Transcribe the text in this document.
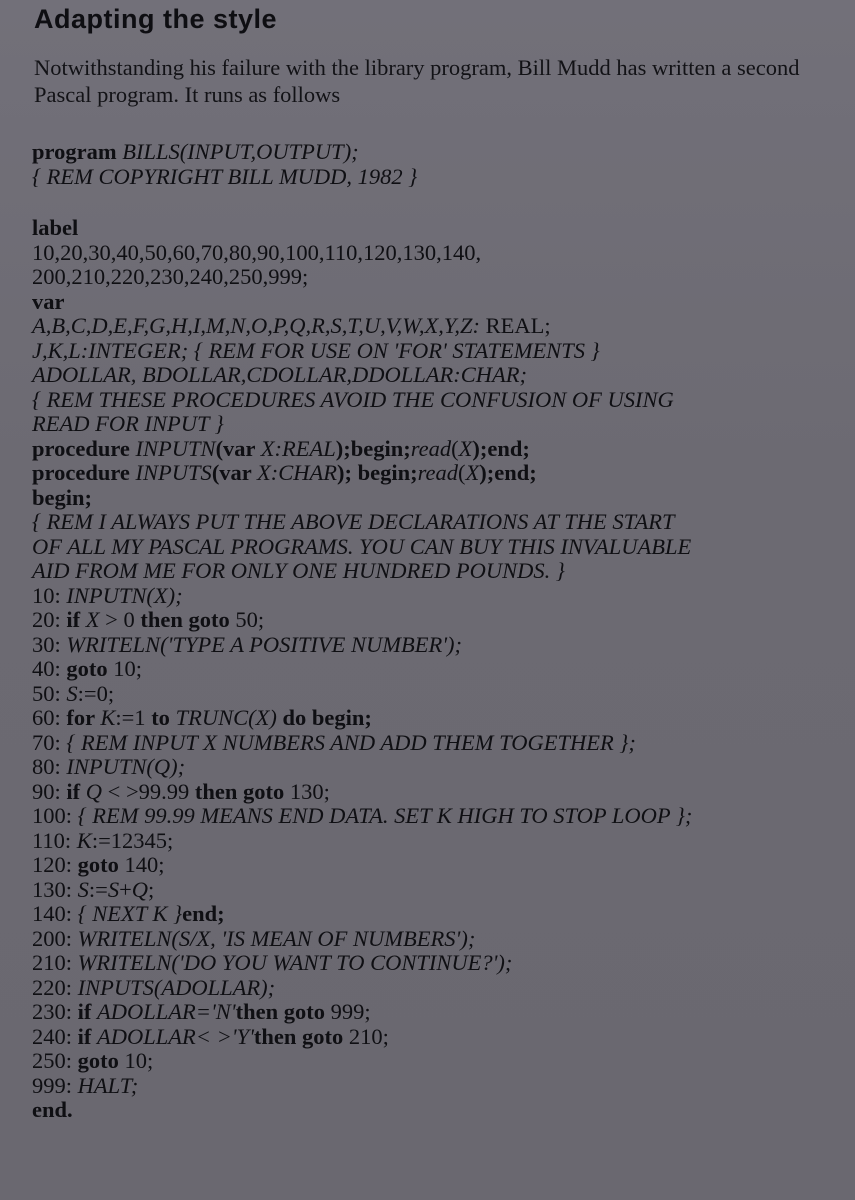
Adapting the style
Notwithstanding his failure with the library program, Bill Mudd has written a second Pascal program. It runs as follows
program BILLS(INPUT,OUTPUT);
{ REM COPYRIGHT BILL MUDD, 1982 }
label
10,20,30,40,50,60,70,80,90,100,110,120,130,140,
200,210,220,230,240,250,999;
var
A,B,C,D,E,F,G,H,I,M,N,O,P,Q,R,S,T,U,V,W,X,Y,Z: REAL;
J,K,L:INTEGER; { REM FOR USE ON 'FOR' STATEMENTS }
ADOLLAR, BDOLLAR,CDOLLAR,DDOLLAR:CHAR;
{ REM THESE PROCEDURES AVOID THE CONFUSION OF USING
READ FOR INPUT }
procedure INPUTN(var X:REAL);begin;read(X);end;
procedure INPUTS(var X:CHAR); begin;read(X);end;
begin;
{ REM I ALWAYS PUT THE ABOVE DECLARATIONS AT THE START
OF ALL MY PASCAL PROGRAMS. YOU CAN BUY THIS INVALUABLE
AID FROM ME FOR ONLY ONE HUNDRED POUNDS. }
10: INPUTN(X);
20: if X > 0 then goto 50;
30: WRITELN('TYPE A POSITIVE NUMBER');
40: goto 10;
50: S:=0;
60: for K:=1 to TRUNC(X) do begin;
70: { REM INPUT X NUMBERS AND ADD THEM TOGETHER };
80: INPUTN(Q);
90: if Q < >99.99 then goto 130;
100: { REM 99.99 MEANS END DATA. SET K HIGH TO STOP LOOP };
110: K:=12345;
120: goto 140;
130: S:=S+Q;
140: { NEXT K }end;
200: WRITELN(S/X, 'IS MEAN OF NUMBERS');
210: WRITELN('DO YOU WANT TO CONTINUE?');
220: INPUTS(ADOLLAR);
230: if ADOLLAR='N'then goto 999;
240: if ADOLLAR< >'Y'then goto 210;
250: goto 10;
999: HALT;
end.
